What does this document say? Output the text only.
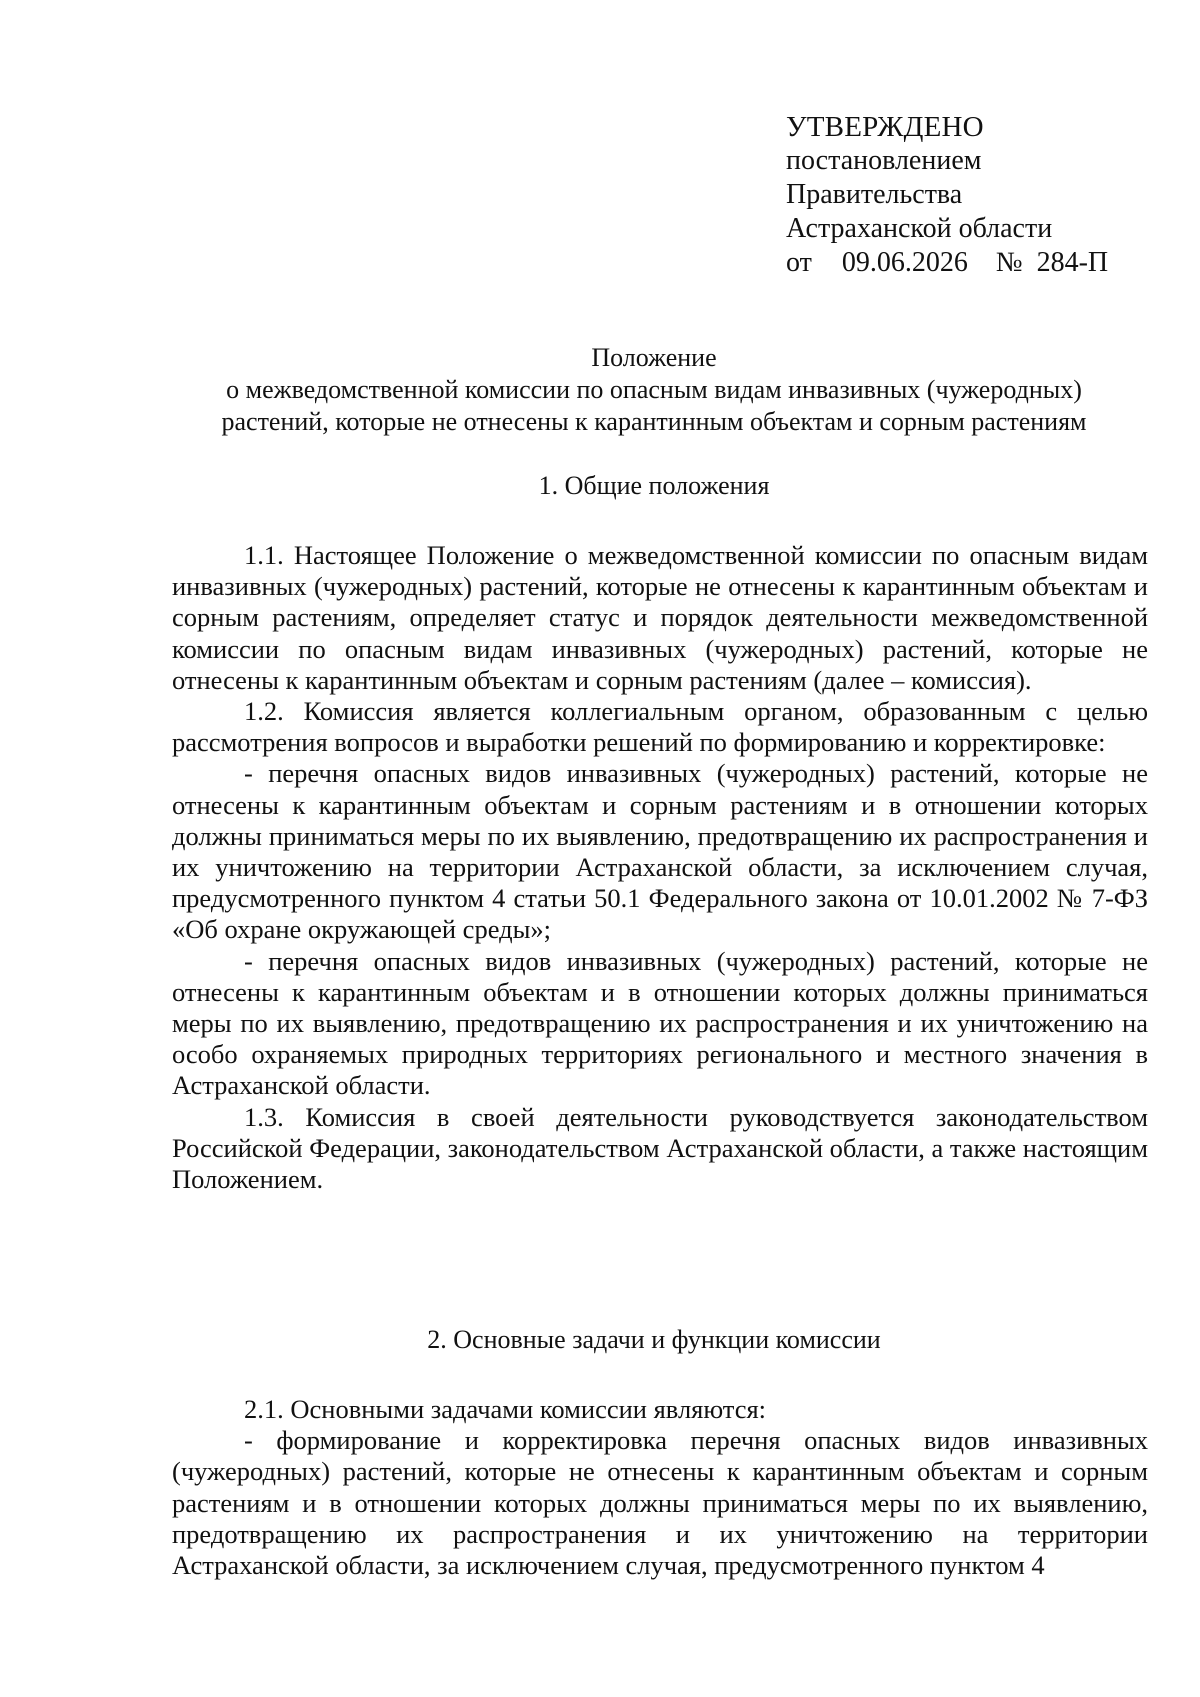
УТВЕРЖДЕНО
постановлением
Правительства
Астраханской области
от 09.06.2026 № 284-П
Положение
о межведомственной комиссии по опасным видам инвазивных (чужеродных)
растений, которые не отнесены к карантинным объектам и сорным растениям
1. Общие положения

1.1. Настоящее Положение о межведомственной комиссии по опасным видам инвазивных (чужеродных) растений, которые не отнесены к карантинным объектам и сорным растениям, определяет статус и порядок деятельности межведомственной комиссии по опасным видам инвазивных (чужеродных) растений, которые не отнесены к карантинным объектам и сорным растениям (далее – комиссия).

1.2. Комиссия является коллегиальным органом, образованным с целью рассмотрения вопросов и выработки решений по формированию и корректировке:

- перечня опасных видов инвазивных (чужеродных) растений, которые не отнесены к карантинным объектам и сорным растениям и в отношении которых должны приниматься меры по их выявлению, предотвращению их распространения и их уничтожению на территории Астраханской области, за исключением случая, предусмотренного пунктом 4 статьи 50.1 Федерального закона от 10.01.2002 № 7-ФЗ «Об охране окружающей среды»;

- перечня опасных видов инвазивных (чужеродных) растений, которые не отнесены к карантинным объектам и в отношении которых должны приниматься меры по их выявлению, предотвращению их распространения и их уничтожению на особо охраняемых природных территориях регионального и местного значения в Астраханской области.

1.3. Комиссия в своей деятельности руководствуется законодательством Российской Федерации, законодательством Астраханской области, а также настоящим Положением.

2. Основные задачи и функции комиссии

2.1. Основными задачами комиссии являются:

- формирование и корректировка перечня опасных видов инвазивных (чужеродных) растений, которые не отнесены к карантинным объектам и сорным растениям и в отношении которых должны приниматься меры по их выявлению, предотвращению их распространения и их уничтожению на территории Астраханской области, за исключением случая, предусмотренного пунктом 4
